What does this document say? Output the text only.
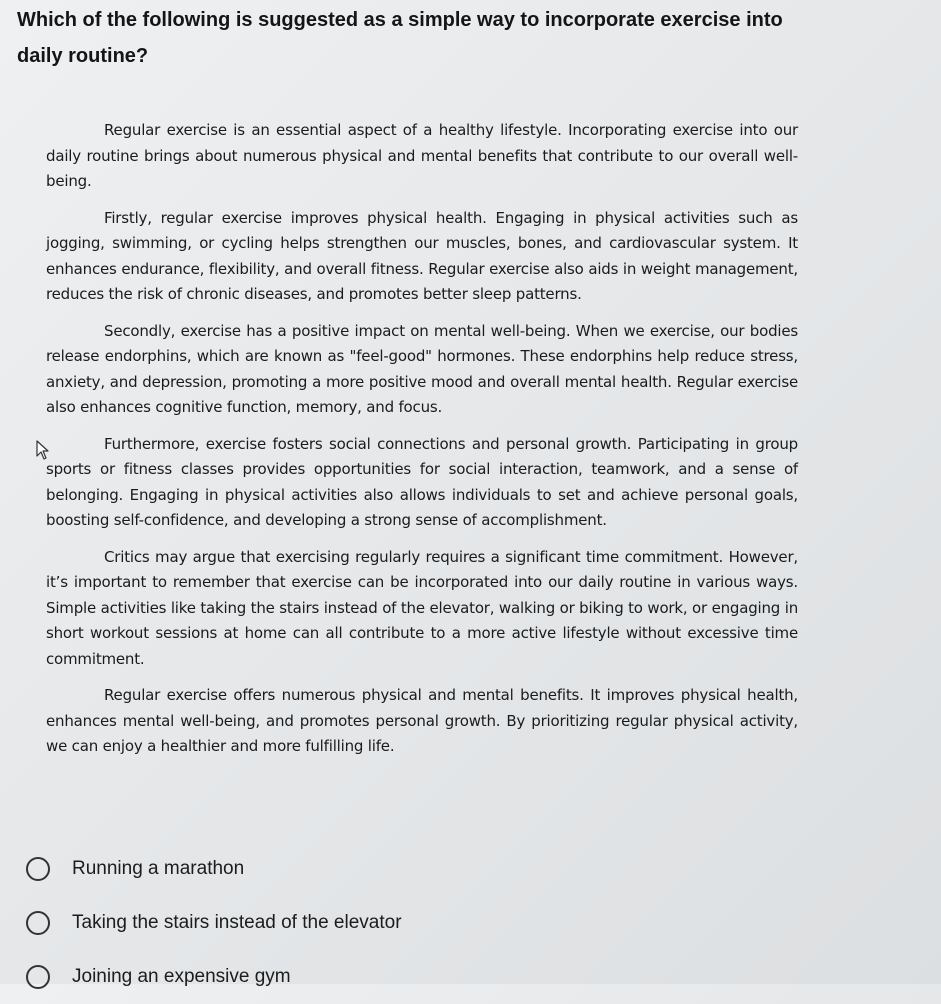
Which of the following is suggested as a simple way to incorporate exercise into daily routine?

Regular exercise is an essential aspect of a healthy lifestyle. Incorporating exercise into our daily routine brings about numerous physical and mental benefits that contribute to our overall well-being.

Firstly, regular exercise improves physical health. Engaging in physical activities such as jogging, swimming, or cycling helps strengthen our muscles, bones, and cardiovascular system. It enhances endurance, flexibility, and overall fitness. Regular exercise also aids in weight management, reduces the risk of chronic diseases, and promotes better sleep patterns.

Secondly, exercise has a positive impact on mental well-being. When we exercise, our bodies release endorphins, which are known as "feel-good" hormones. These endorphins help reduce stress, anxiety, and depression, promoting a more positive mood and overall mental health. Regular exercise also enhances cognitive function, memory, and focus.

Furthermore, exercise fosters social connections and personal growth. Participating in group sports or fitness classes provides opportunities for social interaction, teamwork, and a sense of belonging. Engaging in physical activities also allows individuals to set and achieve personal goals, boosting self-confidence, and developing a strong sense of accomplishment.

Critics may argue that exercising regularly requires a significant time commitment. However, it’s important to remember that exercise can be incorporated into our daily routine in various ways. Simple activities like taking the stairs instead of the elevator, walking or biking to work, or engaging in short workout sessions at home can all contribute to a more active lifestyle without excessive time commitment.

Regular exercise offers numerous physical and mental benefits. It improves physical health, enhances mental well-being, and promotes personal growth. By prioritizing regular physical activity, we can enjoy a healthier and more fulfilling life.

Running a marathon
Taking the stairs instead of the elevator
Joining an expensive gym
